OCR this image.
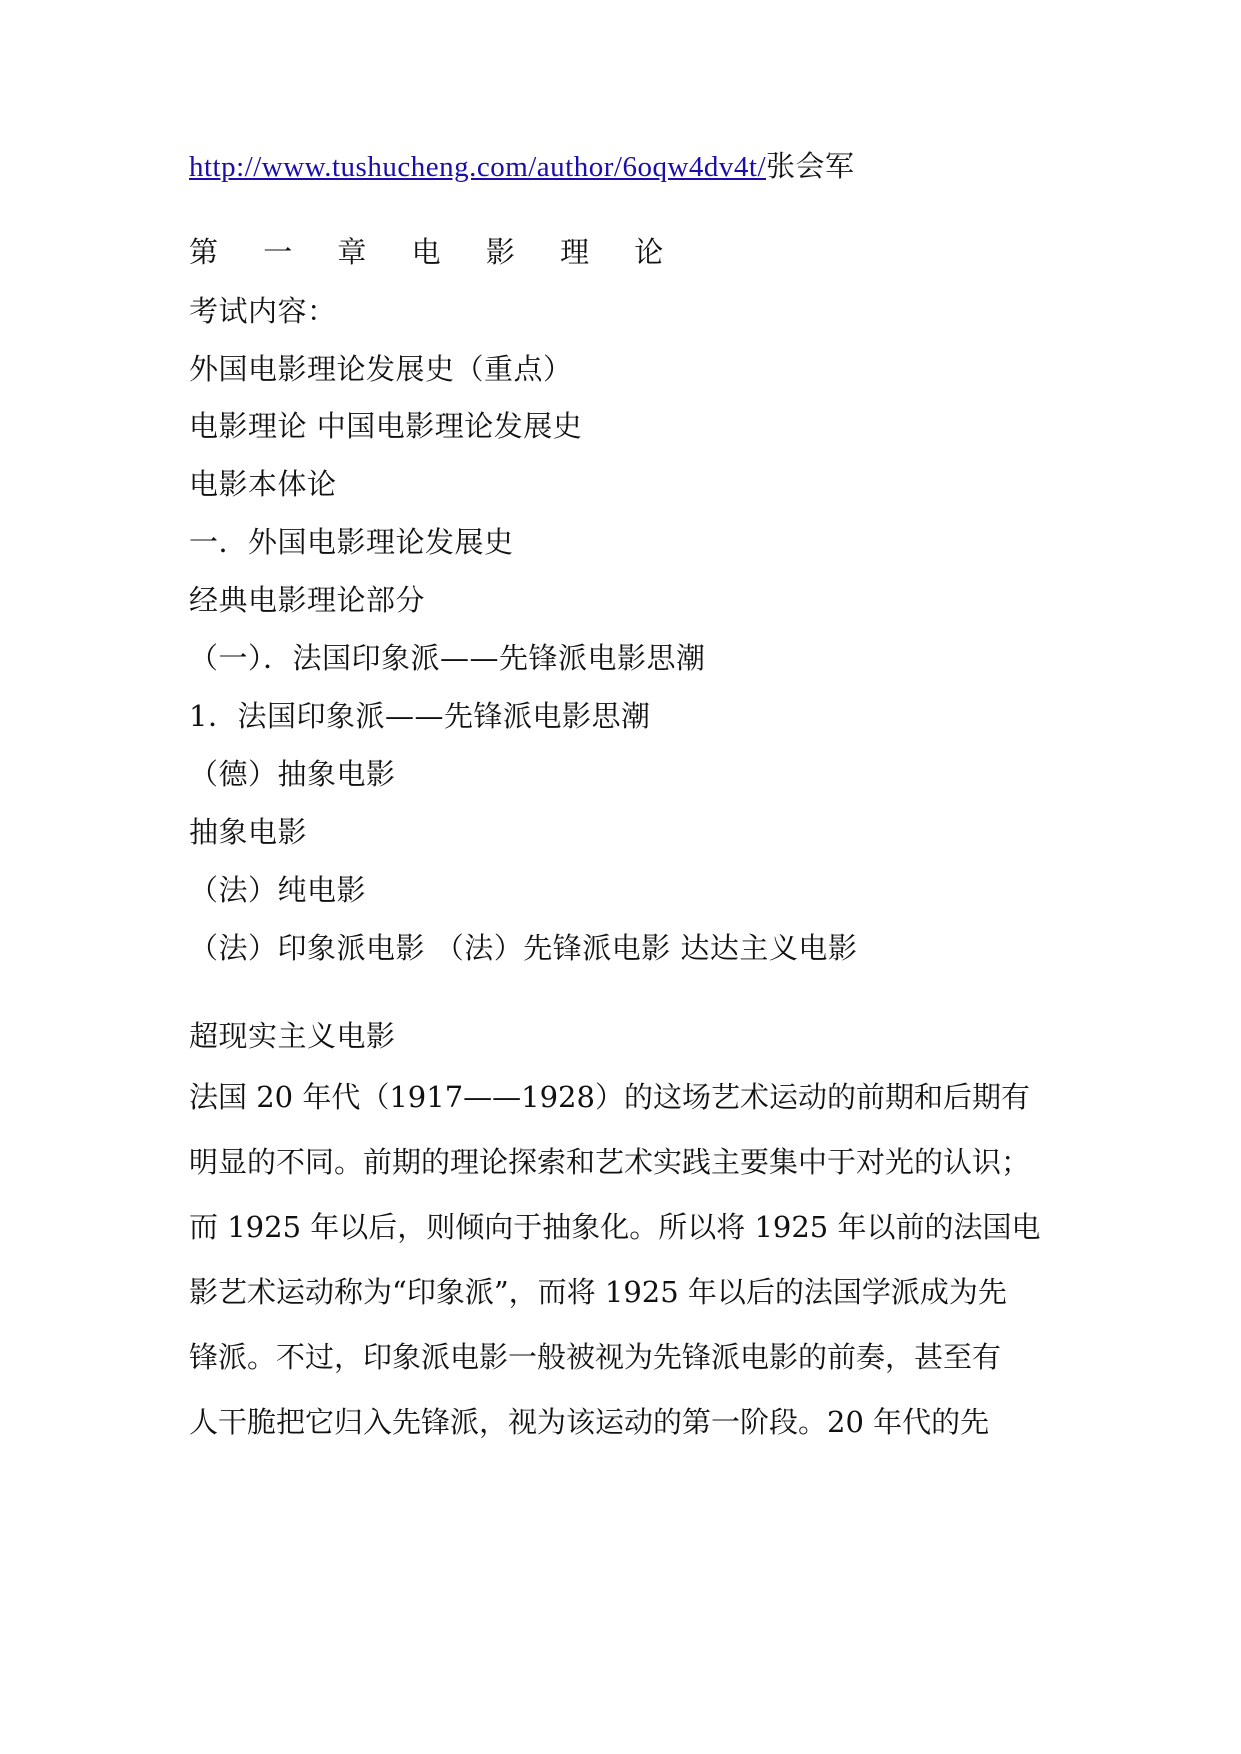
http://www.tushucheng.com/author/6oqw4dv4t/张会军
第 一 章 电 影 理 论
考试内容：
外国电影理论发展史（重点）
电影理论 中国电影理论发展史
电影本体论
一．外国电影理论发展史
经典电影理论部分
（一）．法国印象派——先锋派电影思潮
1．法国印象派——先锋派电影思潮
（德）抽象电影
抽象电影
（法）纯电影
（法）印象派电影 （法）先锋派电影 达达主义电影
超现实主义电影
法国 20 年代（1917——1928）的这场艺术运动的前期和后期有
明显的不同。前期的理论探索和艺术实践主要集中于对光的认识；
而 1925 年以后，则倾向于抽象化。所以将 1925 年以前的法国电
影艺术运动称为“印象派”，而将 1925 年以后的法国学派成为先
锋派。不过，印象派电影一般被视为先锋派电影的前奏，甚至有
人干脆把它归入先锋派，视为该运动的第一阶段。20 年代的先
